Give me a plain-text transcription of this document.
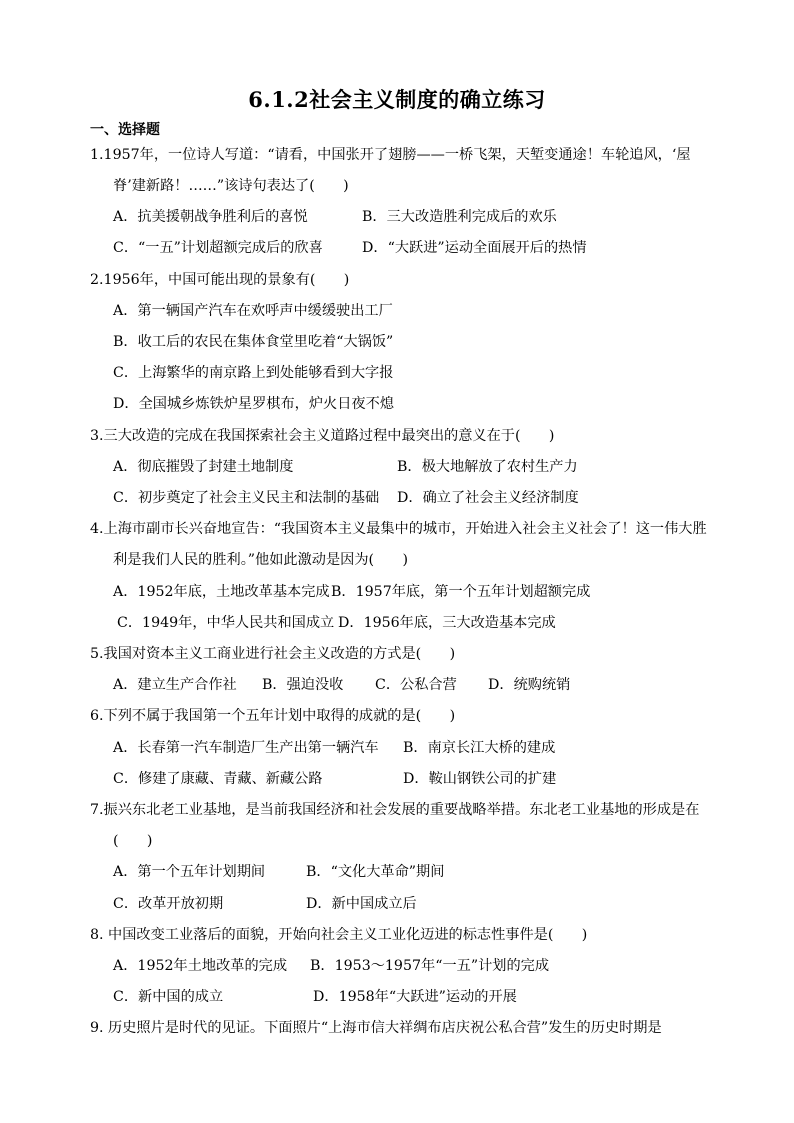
6.1.2社会主义制度的确立练习
一、选择题
1.1957年，一位诗人写道：“请看，中国张开了翅膀——一桥飞架，天堑变通途！车轮追风，‘屋
脊’建新路！……”该诗句表达了(　　)
A．抗美援朝战争胜利后的喜悦	B．三大改造胜利完成后的欢乐
C．“一五”计划超额完成后的欣喜	D．“大跃进”运动全面展开后的热情
2.1956年，中国可能出现的景象有(　　)
A．第一辆国产汽车在欢呼声中缓缓驶出工厂
B．收工后的农民在集体食堂里吃着“大锅饭”
C．上海繁华的南京路上到处能够看到大字报
D．全国城乡炼铁炉星罗棋布，炉火日夜不熄
3.三大改造的完成在我国探索社会主义道路过程中最突出的意义在于(　　)
A．彻底摧毁了封建土地制度	B．极大地解放了农村生产力
C．初步奠定了社会主义民主和法制的基础 D．确立了社会主义经济制度
4.上海市副市长兴奋地宣告：“我国资本主义最集中的城市，开始进入社会主义社会了！这一伟大胜
利是我们人民的胜利。”他如此激动是因为(　　)
A．1952年底，土地改革基本完成 B．1957年底，第一个五年计划超额完成
C．1949年，中华人民共和国成立 D．1956年底，三大改造基本完成
5.我国对资本主义工商业进行社会主义改造的方式是(　　)
A．建立生产合作社 B．强迫没收 C．公私合营 D．统购统销
6.下列不属于我国第一个五年计划中取得的成就的是(　　)
A．长春第一汽车制造厂生产出第一辆汽车 B．南京长江大桥的建成
C．修建了康藏、青藏、新藏公路	D．鞍山钢铁公司的扩建
7.振兴东北老工业基地，是当前我国经济和社会发展的重要战略举措。东北老工业基地的形成是在
(　　)
A．第一个五年计划期间	B．“文化大革命”期间
C．改革开放初期	D．新中国成立后
8. 中国改变工业落后的面貌，开始向社会主义工业化迈进的标志性事件是(　　)
A．1952年土地改革的完成 B．1953～1957年“一五”计划的完成
C．新中国的成立	D．1958年“大跃进”运动的开展
9. 历史照片是时代的见证。下面照片“上海市信大祥绸布店庆祝公私合营”发生的历史时期是
